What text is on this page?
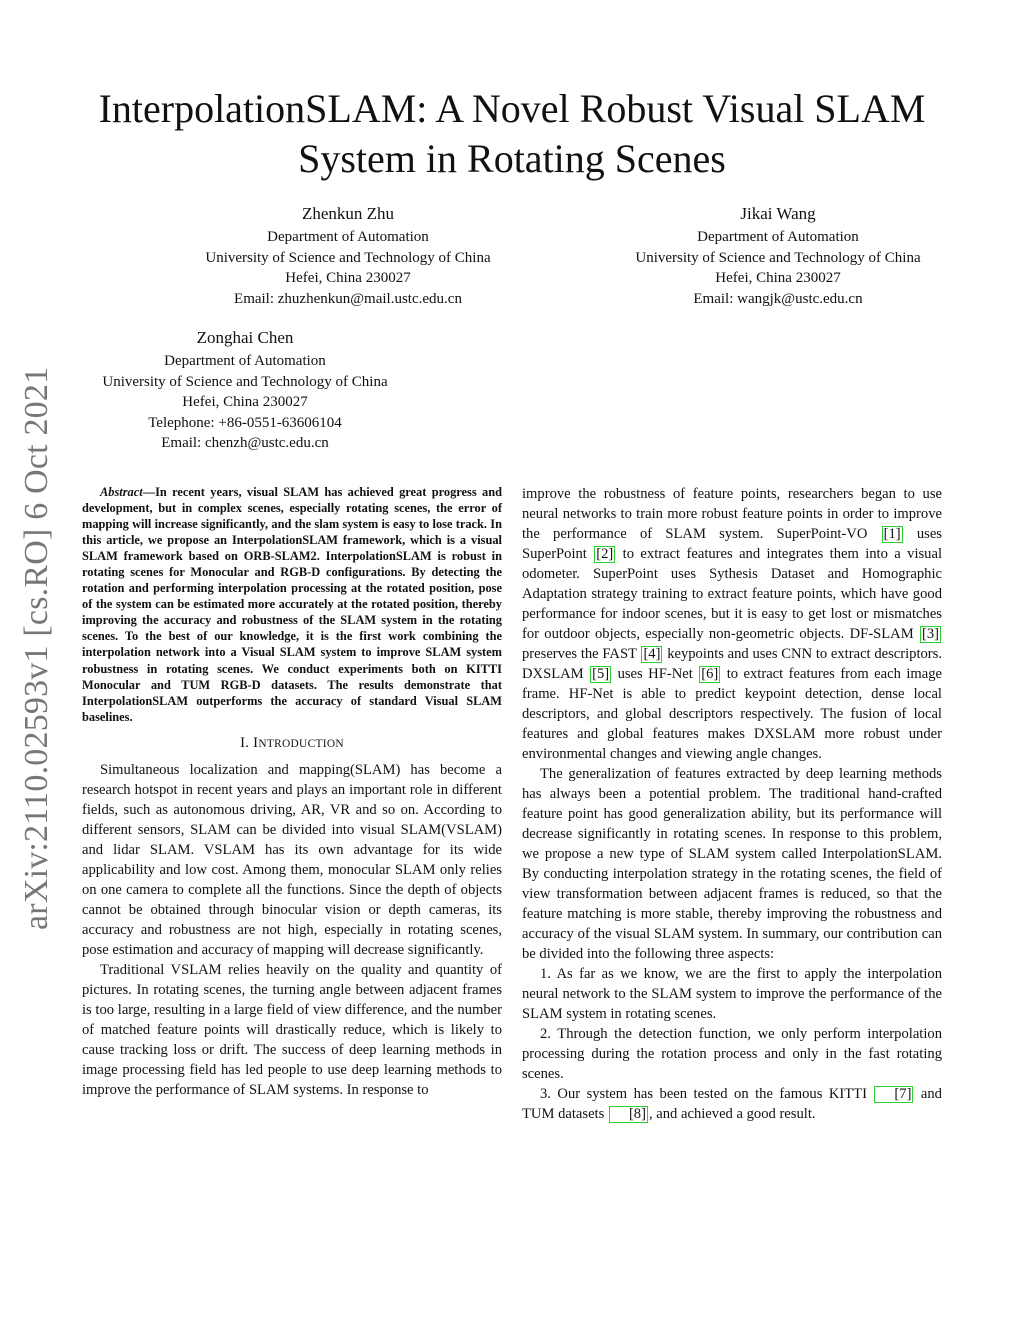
arXiv:2110.02593v1 [cs.RO] 6 Oct 2021
InterpolationSLAM: A Novel Robust Visual SLAM
System in Rotating Scenes
Zhenkun Zhu
Department of Automation
University of Science and Technology of China
Hefei, China 230027
Email: zhuzhenkun@mail.ustc.edu.cn
Jikai Wang
Department of Automation
University of Science and Technology of China
Hefei, China 230027
Email: wangjk@ustc.edu.cn
Zonghai Chen
Department of Automation
University of Science and Technology of China
Hefei, China 230027
Telephone: +86-0551-63606104
Email: chenzh@ustc.edu.cn

Abstract—In recent years, visual SLAM has achieved great progress and development, but in complex scenes, especially rotating scenes, the error of mapping will increase significantly, and the slam system is easy to lose track. In this article, we propose an InterpolationSLAM framework, which is a visual SLAM framework based on ORB-SLAM2. InterpolationSLAM is robust in rotating scenes for Monocular and RGB-D configurations. By detecting the rotation and performing interpolation processing at the rotated position, pose of the system can be estimated more accurately at the rotated position, thereby improving the accuracy and robustness of the SLAM system in the rotating scenes. To the best of our knowledge, it is the first work combining the interpolation network into a Visual SLAM system to improve SLAM system robustness in rotating scenes. We conduct experiments both on KITTI Monocular and TUM RGB-D datasets. The results demonstrate that InterpolationSLAM outperforms the accuracy of standard Visual SLAM baselines.

I. INTRODUCTION

Simultaneous localization and mapping(SLAM) has become a research hotspot in recent years and plays an important role in different fields, such as autonomous driving, AR, VR and so on. According to different sensors, SLAM can be divided into visual SLAM(VSLAM) and lidar SLAM. VSLAM has its own advantage for its wide applicability and low cost. Among them, monocular SLAM only relies on one camera to complete all the functions. Since the depth of objects cannot be obtained through binocular vision or depth cameras, its accuracy and robustness are not high, especially in rotating scenes, pose estimation and accuracy of mapping will decrease significantly.

Traditional VSLAM relies heavily on the quality and quantity of pictures. In rotating scenes, the turning angle between adjacent frames is too large, resulting in a large field of view difference, and the number of matched feature points will drastically reduce, which is likely to cause tracking loss or drift. The success of deep learning methods in image processing field has led people to use deep learning methods to improve the performance of SLAM systems. In response to

improve the robustness of feature points, researchers began to use neural networks to train more robust feature points in order to improve the performance of SLAM system. SuperPoint-VO [1] uses SuperPoint [2] to extract features and integrates them into a visual odometer. SuperPoint uses Sythesis Dataset and Homographic Adaptation strategy training to extract feature points, which have good performance for indoor scenes, but it is easy to get lost or mismatches for outdoor objects, especially non-geometric objects. DF-SLAM [3] preserves the FAST [4] keypoints and uses CNN to extract descriptors. DXSLAM [5] uses HF-Net [6] to extract features from each image frame. HF-Net is able to predict keypoint detection, dense local descriptors, and global descriptors respectively. The fusion of local features and global features makes DXSLAM more robust under environmental changes and viewing angle changes.

The generalization of features extracted by deep learning methods has always been a potential problem. The traditional hand-crafted feature point has good generalization ability, but its performance will decrease significantly in rotating scenes. In response to this problem, we propose a new type of SLAM system called InterpolationSLAM. By conducting interpolation strategy in the rotating scenes, the field of view transformation between adjacent frames is reduced, so that the feature matching is more stable, thereby improving the robustness and accuracy of the visual SLAM system. In summary, our contribution can be divided into the following three aspects:

1. As far as we know, we are the first to apply the interpolation neural network to the SLAM system to improve the performance of the SLAM system in rotating scenes.

2. Through the detection function, we only perform interpolation processing during the rotation process and only in the fast rotating scenes.

3. Our system has been tested on the famous KITTI [7] and TUM datasets [8] , and achieved a good result.
